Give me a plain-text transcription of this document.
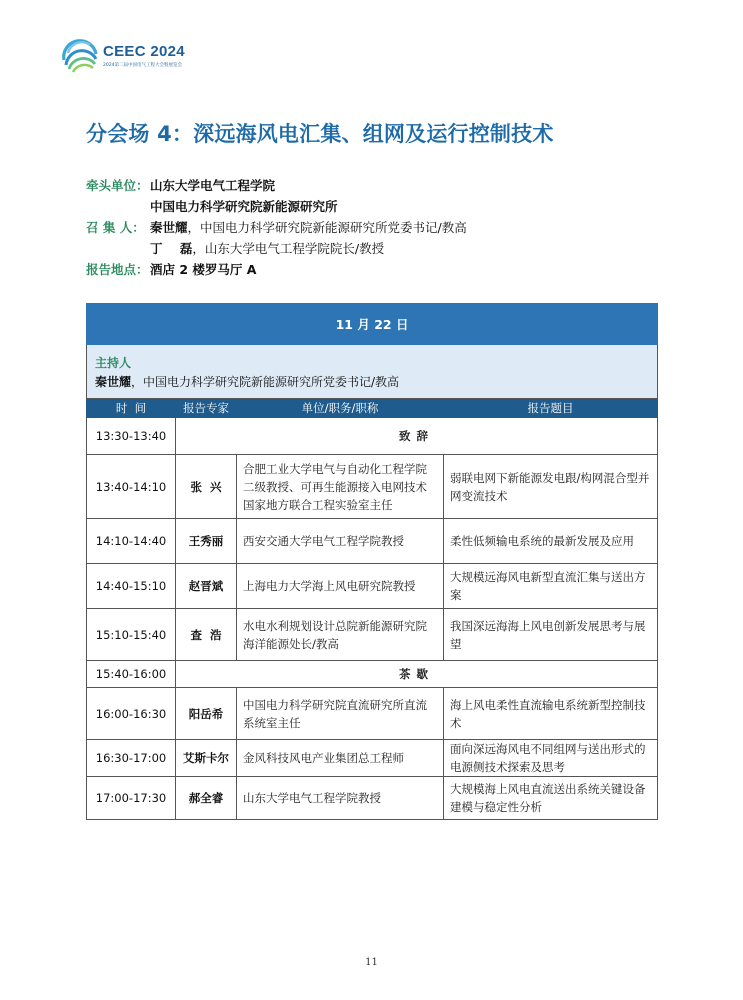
CEEC 2024
2024第二届中国电气工程大会暨展览会
分会场 4：深远海风电汇集、组网及运行控制技术
牵头单位： 山东大学电气工程学院
中国电力科学研究院新能源研究所
召 集 人： 秦世耀，中国电力科学研究院新能源研究所党委书记/教高
丁    磊，山东大学电气工程学院院长/教授
报告地点： 酒店 2 楼罗马厅 A
11 月 22 日			

主持人
秦世耀，中国电力科学研究院新能源研究所党委书记/教高			

时  间	报告专家	单位/职务/职称	报告题目
13:30-13:40	致辞		
13:40-14:10	张  兴	合肥工业大学电气与自动化工程学院二级教授、可再生能源接入电网技术国家地方联合工程实验室主任	弱联电网下新能源发电跟/构网混合型并网变流技术
14:10-14:40	王秀丽	西安交通大学电气工程学院教授	柔性低频输电系统的最新发展及应用
14:40-15:10	赵晋斌	上海电力大学海上风电研究院教授	大规模远海风电新型直流汇集与送出方案
15:10-15:40	查  浩	水电水利规划设计总院新能源研究院海洋能源处长/教高	我国深远海海上风电创新发展思考与展望
15:40-16:00	茶歇		
16:00-16:30	阳岳希	中国电力科学研究院直流研究所直流系统室主任	海上风电柔性直流输电系统新型控制技术
16:30-17:00	艾斯卡尔	金风科技风电产业集团总工程师	面向深远海风电不同组网与送出形式的电源侧技术探索及思考
17:00-17:30	郝全睿	山东大学电气工程学院教授	大规模海上风电直流送出系统关键设备建模与稳定性分析
11
